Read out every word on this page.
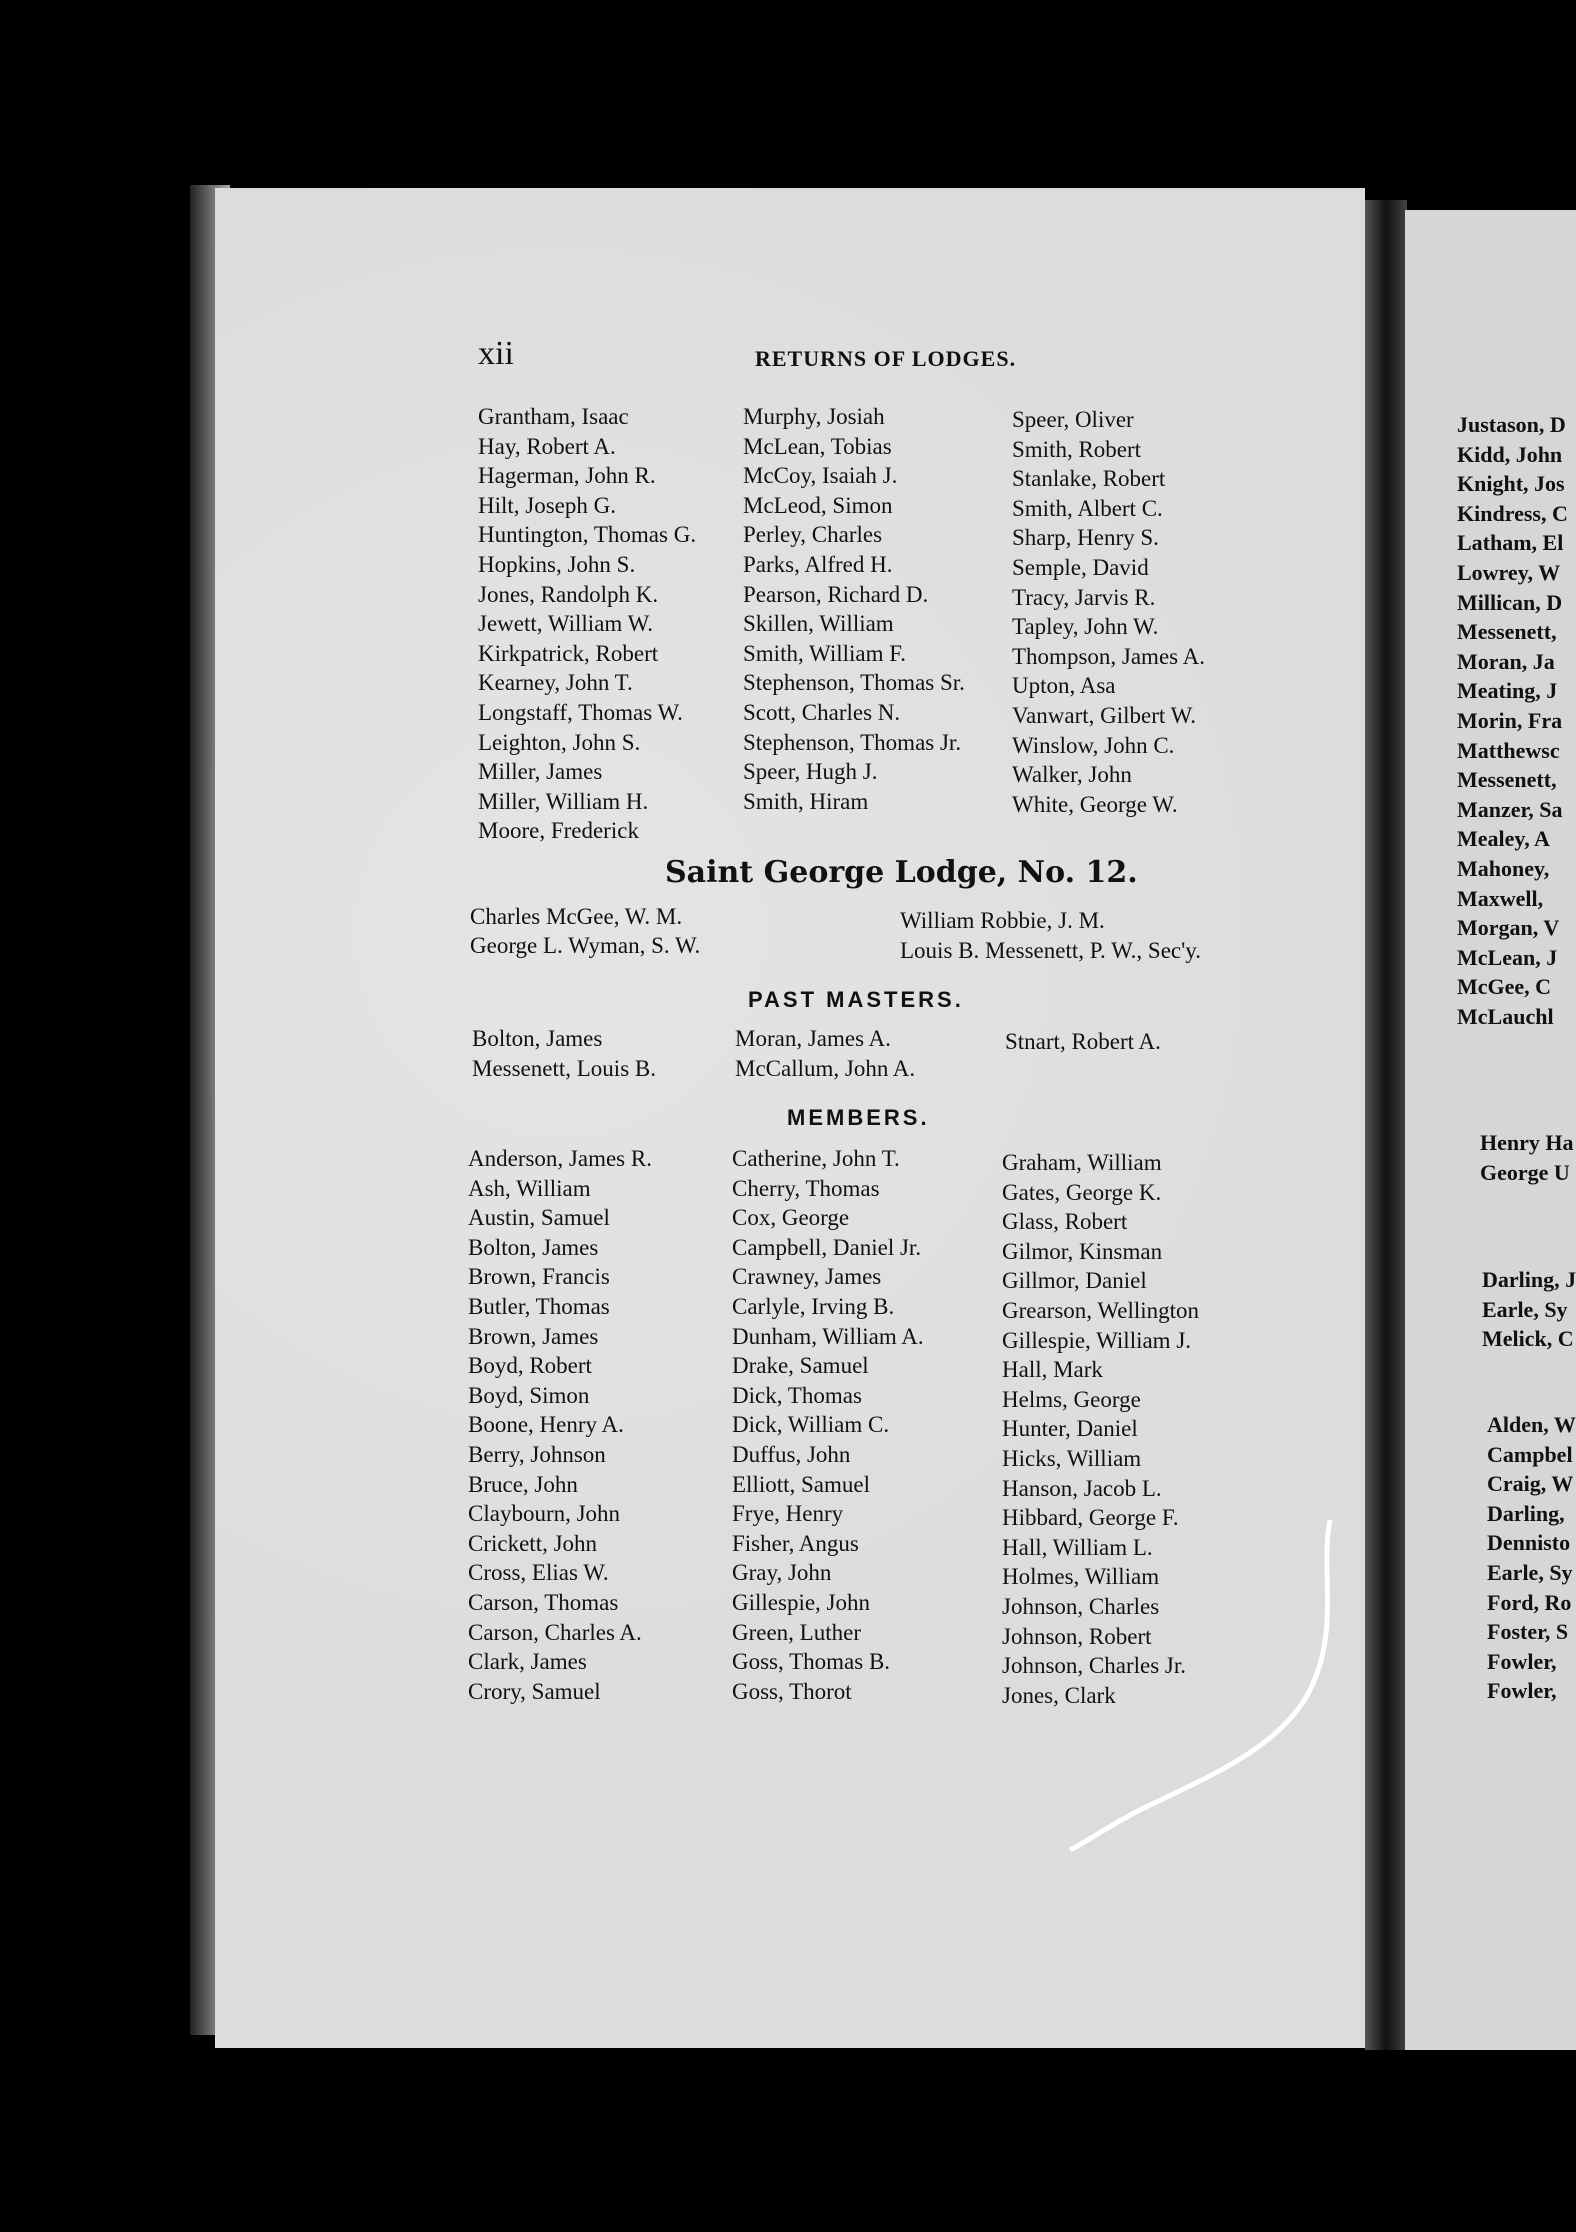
xii	RETURNS OF LODGES.
Grantham, Isaac
Hay, Robert A.
Hagerman, John R.
Hilt, Joseph G.
Huntington, Thomas G.
Hopkins, John S.
Jones, Randolph K.
Jewett, William W.
Kirkpatrick, Robert
Kearney, John T.
Longstaff, Thomas W.
Leighton, John S.
Miller, James
Miller, William H.
Moore, Frederick
Murphy, Josiah
McLean, Tobias
McCoy, Isaiah J.
McLeod, Simon
Perley, Charles
Parks, Alfred H.
Pearson, Richard D.
Skillen, William
Smith, William F.
Stephenson, Thomas Sr.
Scott, Charles N.
Stephenson, Thomas Jr.
Speer, Hugh J.
Smith, Hiram
Speer, Oliver
Smith, Robert
Stanlake, Robert
Smith, Albert C.
Sharp, Henry S.
Semple, David
Tracy, Jarvis R.
Tapley, John W.
Thompson, James A.
Upton, Asa
Vanwart, Gilbert W.
Winslow, John C.
Walker, John
White, George W.
Saint George Lodge, No. 12.
Charles McGee, W. M.	William Robbie, J. M.
George L. Wyman, S. W.	Louis B. Messenett, P. W., Sec'y.
PAST MASTERS.
Bolton, James
Messenett, Louis B.
Moran, James A.
McCallum, John A.
Stnart, Robert A.
MEMBERS.
Anderson, James R.
Ash, William
Austin, Samuel
Bolton, James
Brown, Francis
Butler, Thomas
Brown, James
Boyd, Robert
Boyd, Simon
Boone, Henry A.
Berry, Johnson
Bruce, John
Claybourn, John
Crickett, John
Cross, Elias W.
Carson, Thomas
Carson, Charles A.
Clark, James
Crory, Samuel
Catherine, John T.
Cherry, Thomas
Cox, George
Campbell, Daniel Jr.
Crawney, James
Carlyle, Irving B.
Dunham, William A.
Drake, Samuel
Dick, Thomas
Dick, William C.
Duffus, John
Elliott, Samuel
Frye, Henry
Fisher, Angus
Gray, John
Gillespie, John
Green, Luther
Goss, Thomas B.
Goss, Thorot
Graham, William
Gates, George K.
Glass, Robert
Gilmor, Kinsman
Gillmor, Daniel
Grearson, Wellington
Gillespie, William J.
Hall, Mark
Helms, George
Hunter, Daniel
Hicks, William
Hanson, Jacob L.
Hibbard, George F.
Hall, William L.
Holmes, William
Johnson, Charles
Johnson, Robert
Johnson, Charles Jr.
Jones, Clark
Justason, D
Kidd, John
Knight, Jos
Kindress, C
Latham, El
Lowrey, W
Millican, D
Messenett,
Moran, Ja
Meating, J
Morin, Fra
Matthewsc
Messenett,
Manzer, Sa
Mealey, A
Mahoney,
Maxwell,
Morgan, V
McLean, J
McGee, C
McLauchl
Henry Ha
George U
Darling, J
Earle, Sy
Melick, C
Alden, W
Campbel
Craig, W
Darling,
Dennisto
Earle, Sy
Ford, Ro
Foster, S
Fowler,
Fowler,
